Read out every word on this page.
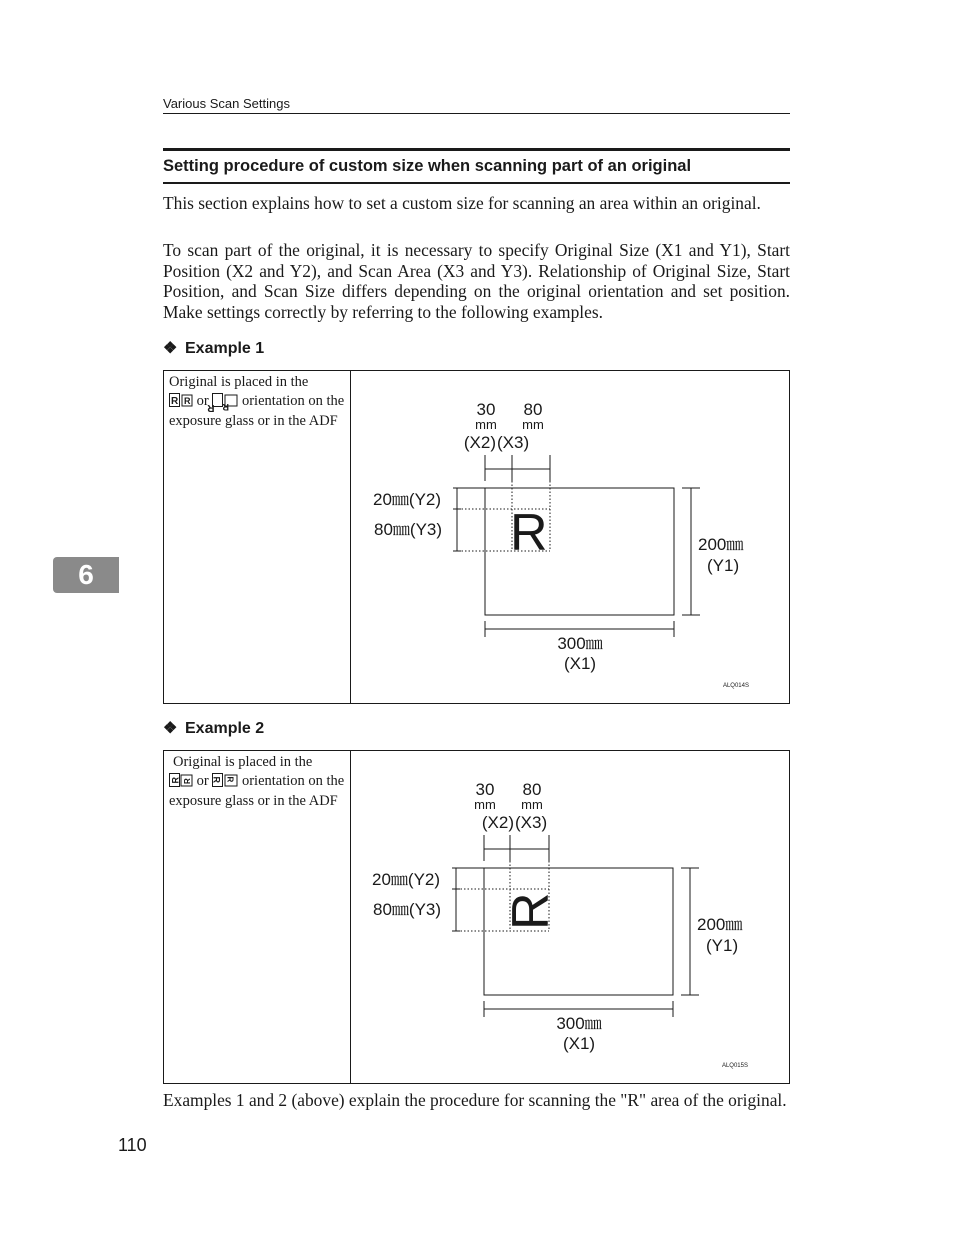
Various Scan Settings
Setting procedure of custom size when scanning part of an original

This section explains how to set a custom size for scanning an area within an original.

To scan part of the original, it is necessary to specify Original Size (X1 and Y1), Start Position (X2 and Y2), and Scan Area (X3 and Y3). Relationship of Original Size, Start Position, and Scan Size differs depending on the original orientation and set position. Make settings correctly by referring to the following examples.

❖ Example 1
Original is placed in the

R R or
R R orientation on the exposure glass or in the ADF
30 80
mm mm
(X2) (X3)
20㎜(Y2)
80㎜(Y3) R	200㎜
(Y1)
300㎜
(X1)
ALQ014S
❖ Example 2
Original is placed in the

R R or R R orientation on the exposure glass or in the ADF
30 80
mm mm
(X2) (X3)
20㎜(Y2)
80㎜(Y3) R	200㎜
(Y1)
300㎜
(X1)
ALQ015S

Examples 1 and 2 (above) explain the procedure for scanning the "R" area of the original.

6
110
